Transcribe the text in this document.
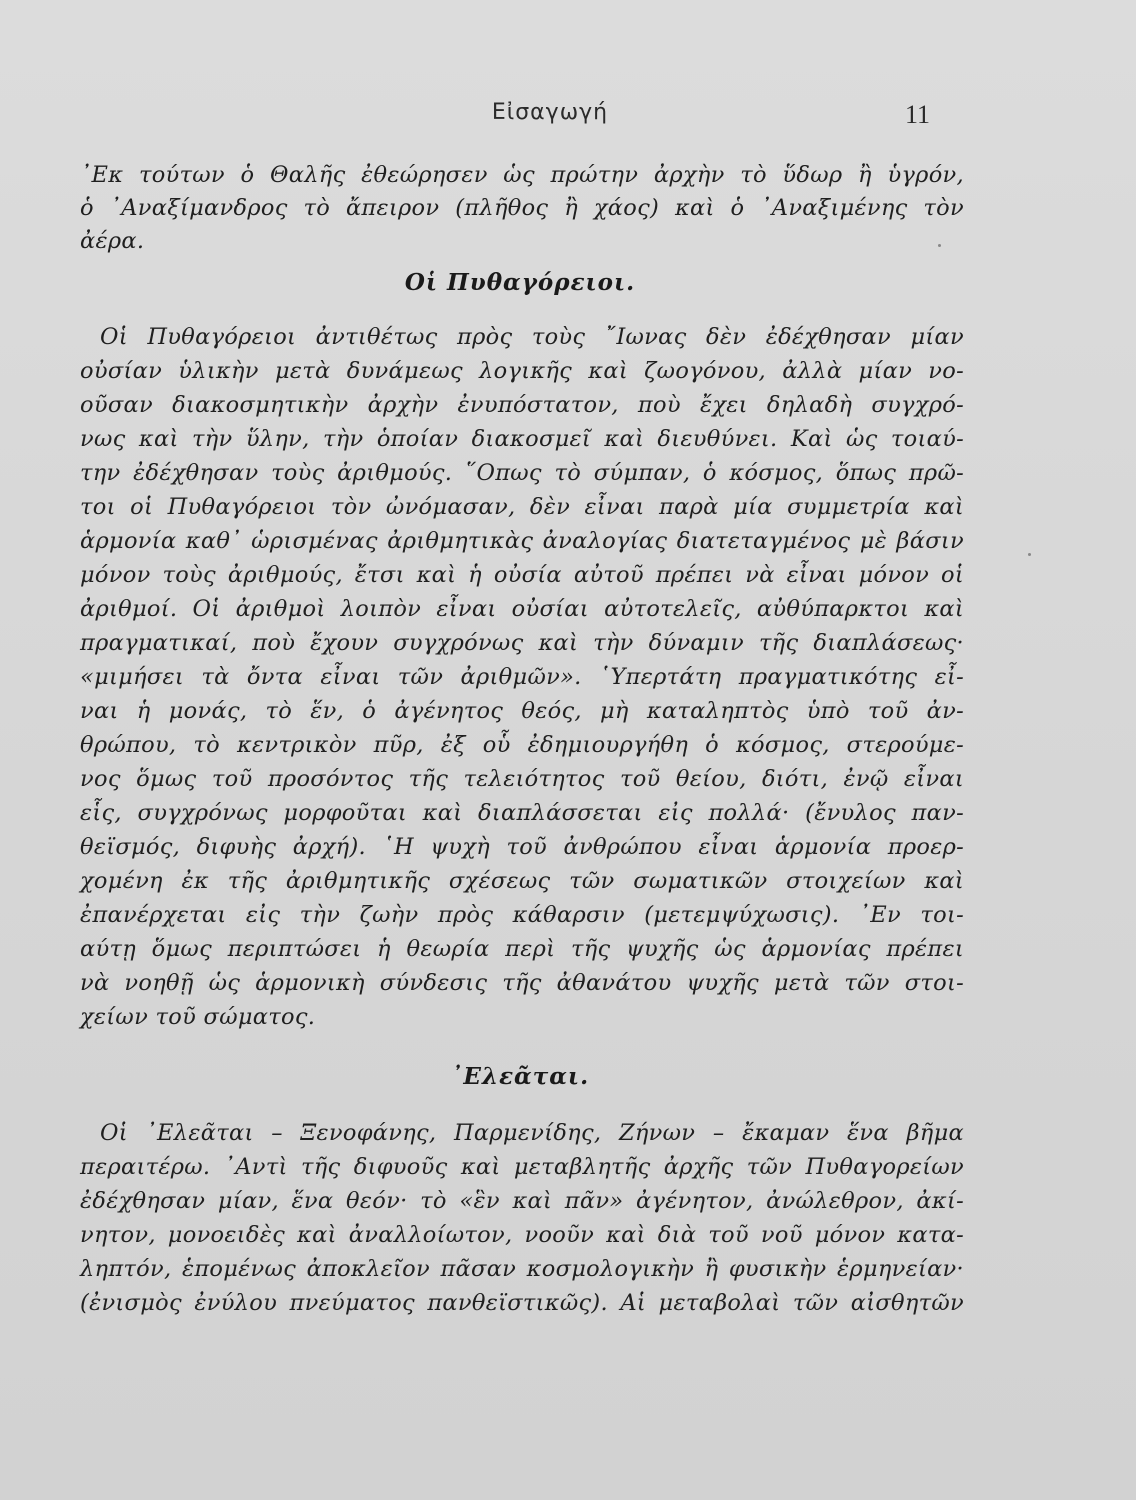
Εἰσαγωγή	11
᾿Εκ τούτων ὁ Θαλῆς ἐθεώρησεν ὡς πρώτην ἀρχὴν τὸ ὕδωρ ἢ ὑγρόν,
ὁ ᾿Αναξίμανδρος τὸ ἄπειρον (πλῆθος ἢ χάος) καὶ ὁ ᾿Αναξιμένης τὸν
ἀέρα.
Οἱ Πυθαγόρειοι.
Οἱ Πυθαγόρειοι ἀντιθέτως πρὸς τοὺς ῎Ιωνας δὲν ἐδέχθησαν μίαν
οὐσίαν ὑλικὴν μετὰ δυνάμεως λογικῆς καὶ ζωογόνου, ἀλλὰ μίαν νο-
οῦσαν διακοσμητικὴν ἀρχὴν ἐνυπόστατον, ποὺ ἔχει δηλαδὴ συγχρό-
νως καὶ τὴν ὕλην, τὴν ὁποίαν διακοσμεῖ καὶ διευθύνει. Καὶ ὡς τοιαύ-
την ἐδέχθησαν τοὺς ἀριθμούς. ῞Οπως τὸ σύμπαν, ὁ κόσμος, ὅπως πρῶ-
τοι οἱ Πυθαγόρειοι τὸν ὠνόμασαν, δὲν εἶναι παρὰ μία συμμετρία καὶ
ἁρμονία καθ᾿ ὡρισμένας ἀριθμητικὰς ἀναλογίας διατεταγμένος μὲ βάσιν
μόνον τοὺς ἀριθμούς, ἔτσι καὶ ἡ οὐσία αὐτοῦ πρέπει νὰ εἶναι μόνον οἱ
ἀριθμοί. Οἱ ἀριθμοὶ λοιπὸν εἶναι οὐσίαι αὐτοτελεῖς, αὐθύπαρκτοι καὶ
πραγματικαί, ποὺ ἔχουν συγχρόνως καὶ τὴν δύναμιν τῆς διαπλάσεως·
«μιμήσει τὰ ὄντα εἶναι τῶν ἀριθμῶν». ῾Υπερτάτη πραγματικότης εἶ-
ναι ἡ μονάς, τὸ ἕν, ὁ ἀγένητος θεός, μὴ καταληπτὸς ὑπὸ τοῦ ἀν-
θρώπου, τὸ κεντρικὸν πῦρ, ἐξ οὗ ἐδημιουργήθη ὁ κόσμος, στερούμε-
νος ὅμως τοῦ προσόντος τῆς τελειότητος τοῦ θείου, διότι, ἐνῷ εἶναι
εἷς, συγχρόνως μορφοῦται καὶ διαπλάσσεται εἰς πολλά· (ἔνυλος παν-
θεϊσμός, διφυὴς ἀρχή). ῾Η ψυχὴ τοῦ ἀνθρώπου εἶναι ἁρμονία προερ-
χομένη ἐκ τῆς ἀριθμητικῆς σχέσεως τῶν σωματικῶν στοιχείων καὶ
ἐπανέρχεται εἰς τὴν ζωὴν πρὸς κάθαρσιν (μετεμψύχωσις). ᾿Εν τοι-
αύτῃ ὅμως περιπτώσει ἡ θεωρία περὶ τῆς ψυχῆς ὡς ἁρμονίας πρέπει
νὰ νοηθῇ ὡς ἁρμονικὴ σύνδεσις τῆς ἀθανάτου ψυχῆς μετὰ τῶν στοι-
χείων τοῦ σώματος.
᾿Ελεᾶται.
Οἱ ᾿Ελεᾶται – Ξενοφάνης, Παρμενίδης, Ζήνων – ἔκαμαν ἕνα βῆμα
περαιτέρω. ᾿Αντὶ τῆς διφυοῦς καὶ μεταβλητῆς ἀρχῆς τῶν Πυθαγορείων
ἐδέχθησαν μίαν, ἕνα θεόν· τὸ «ἓν καὶ πᾶν» ἀγένητον, ἀνώλεθρον, ἀκί-
νητον, μονοειδὲς καὶ ἀναλλοίωτον, νοοῦν καὶ διὰ τοῦ νοῦ μόνον κατα-
ληπτόν, ἑπομένως ἀποκλεῖον πᾶσαν κοσμολογικὴν ἢ φυσικὴν ἑρμηνείαν·
(ἐνισμὸς ἐνύλου πνεύματος πανθεϊστικῶς). Αἱ μεταβολαὶ τῶν αἰσθητῶν
